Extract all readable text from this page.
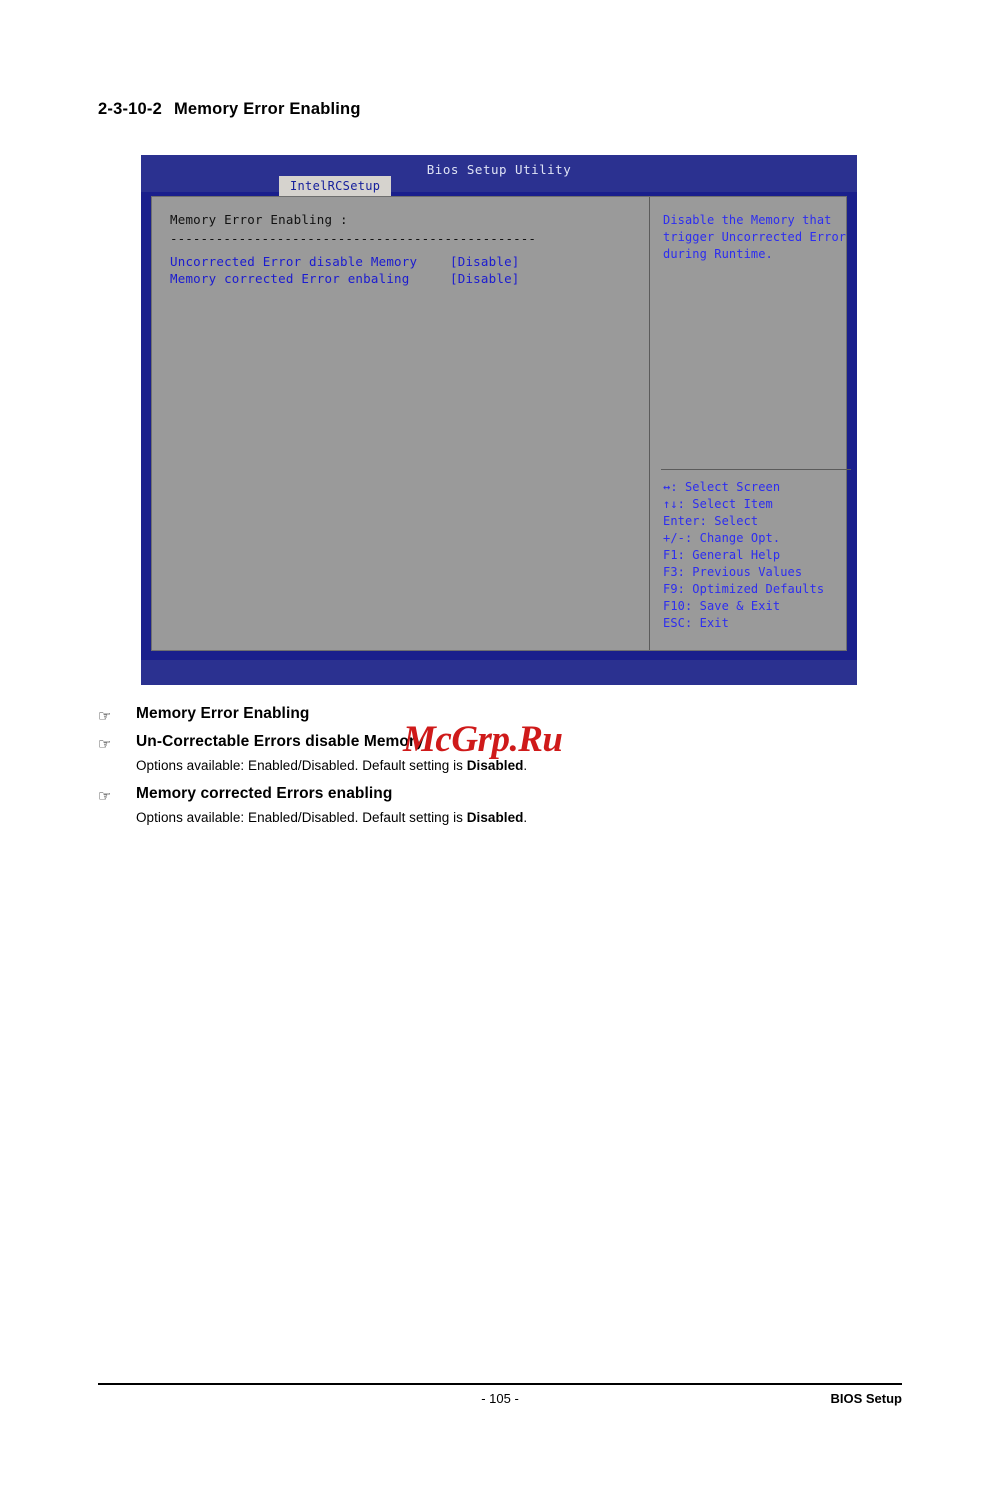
2-3-10-2 Memory Error Enabling
Bios Setup Utility
IntelRCSetup
Memory Error Enabling :
------------------------------------------------
Uncorrected Error disable Memory	[Disable]
Memory corrected Error enbaling	[Disable]
Disable the Memory that trigger Uncorrected Error during Runtime.
↔: Select Screen
↑↓: Select Item
Enter: Select
+/-: Change Opt.
F1: General Help
F3: Previous Values
F9: Optimized Defaults
F10: Save & Exit
ESC: Exit
☞	Memory Error Enabling
☞	Un-Correctable Errors disable Memory
Options available: Enabled/Disabled. Default setting is Disabled.
☞	Memory corrected Errors enabling
Options available: Enabled/Disabled. Default setting is Disabled.
McGrp.Ru
- 105 -	BIOS Setup
